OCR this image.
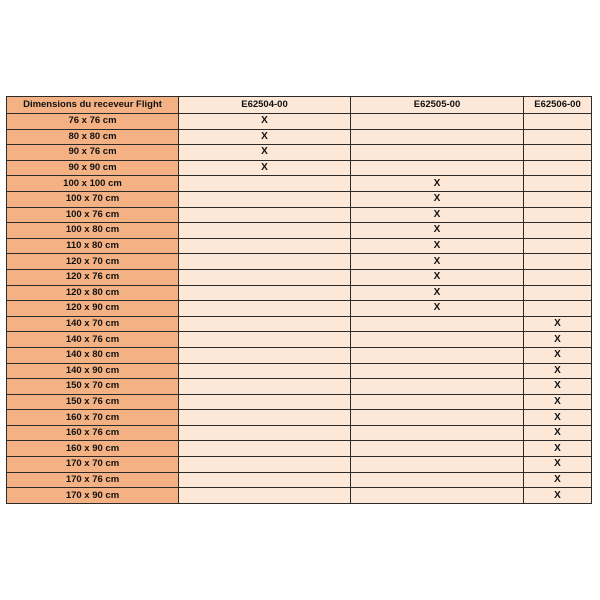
Dimensions du receveur Flight	E62504-00	E62505-00	E62506-00
76 x 76 cm	X		
80 x 80 cm	X		
90 x 76 cm	X		
90 x 90 cm	X		
100 x 100 cm		X	
100 x 70 cm		X	
100 x 76 cm		X	
100 x 80 cm		X	
110 x 80 cm		X	
120 x 70 cm		X	
120 x 76 cm		X	
120 x 80 cm		X	
120 x 90 cm		X	
140 x 70 cm			X
140 x 76 cm			X
140 x 80 cm			X
140 x 90 cm			X
150 x 70 cm			X
150 x 76 cm			X
160 x 70 cm			X
160 x 76 cm			X
160 x 90 cm			X
170 x 70 cm			X
170 x 76 cm			X
170 x 90 cm			X
